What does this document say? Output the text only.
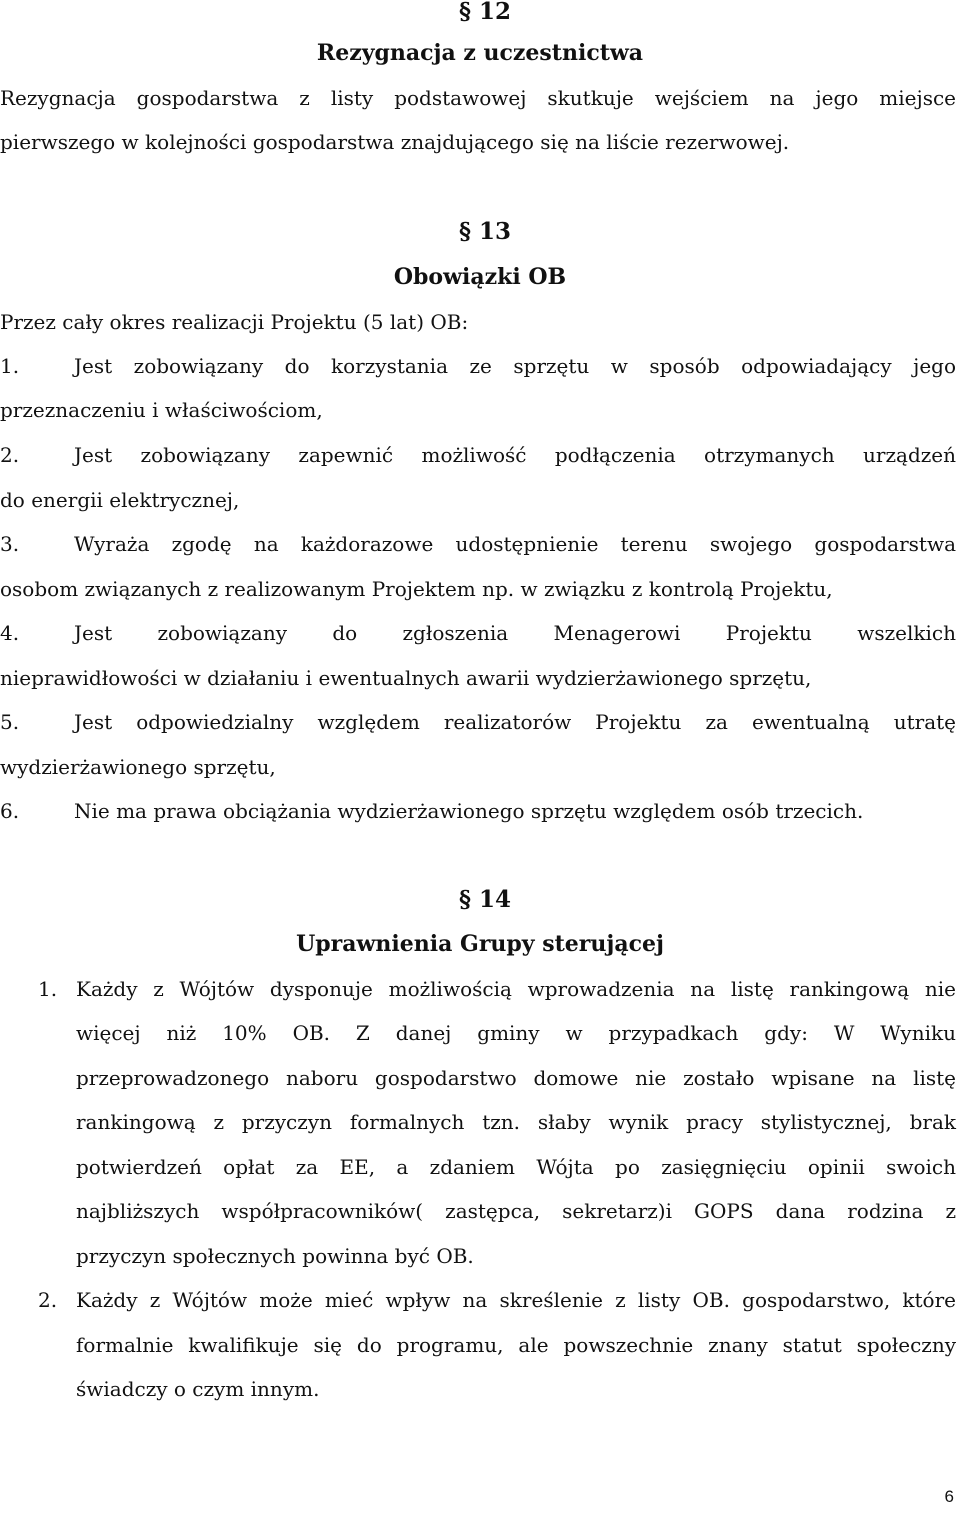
§ 12
Rezygnacja z uczestnictwa
Rezygnacja gospodarstwa z listy podstawowej skutkuje wejściem na jego miejsce
pierwszego w kolejności gospodarstwa znajdującego się na liście rezerwowej.
§ 13
Obowiązki OB
Przez cały okres realizacji Projektu (5 lat) OB:
1.	Jest zobowiązany do korzystania ze sprzętu w sposób odpowiadający jego
przeznaczeniu i właściwościom,
2.	Jest zobowiązany zapewnić możliwość podłączenia otrzymanych urządzeń
do energii elektrycznej,
3.	Wyraża zgodę na każdorazowe udostępnienie terenu swojego gospodarstwa
osobom związanych z realizowanym Projektem np. w związku z kontrolą Projektu,
4.	Jest zobowiązany do zgłoszenia Menagerowi Projektu wszelkich
nieprawidłowości w działaniu i ewentualnych awarii wydzierżawionego sprzętu,
5.	Jest odpowiedzialny względem realizatorów Projektu za ewentualną utratę
wydzierżawionego sprzętu,
6.	Nie ma prawa obciążania wydzierżawionego sprzętu względem osób trzecich.
§ 14
Uprawnienia Grupy sterującej
1. Każdy z Wójtów dysponuje możliwością wprowadzenia na listę rankingową nie
więcej niż 10% OB. Z danej gminy w przypadkach gdy: W Wyniku
przeprowadzonego naboru gospodarstwo domowe nie zostało wpisane na listę
rankingową z przyczyn formalnych tzn. słaby wynik pracy stylistycznej, brak
potwierdzeń opłat za EE, a zdaniem Wójta po zasięgnięciu opinii swoich
najbliższych współpracowników( zastępca, sekretarz)i GOPS dana rodzina z
przyczyn społecznych powinna być OB.
2. Każdy z Wójtów może mieć wpływ na skreślenie z listy OB. gospodarstwo, które
formalnie kwalifikuje się do programu, ale powszechnie znany statut społeczny
świadczy o czym innym.
6
